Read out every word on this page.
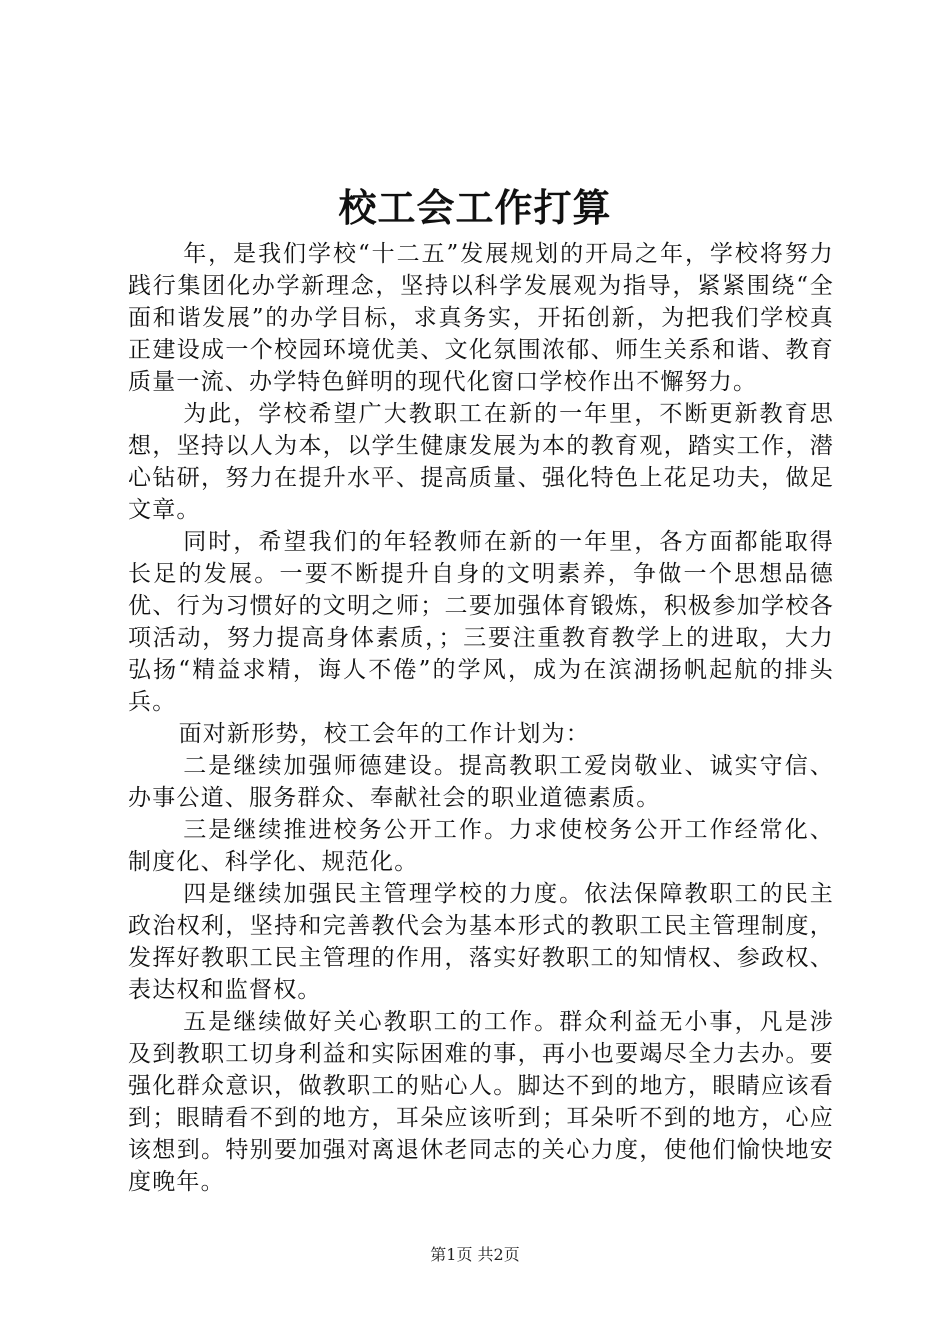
校工会工作打算

年，是我们学校“十二五”发展规划的开局之年，学校将努力践行集团化办学新理念，坚持以科学发展观为指导，紧紧围绕“全面和谐发展”的办学目标，求真务实，开拓创新，为把我们学校真正建设成一个校园环境优美、文化氛围浓郁、师生关系和谐、教育质量一流、办学特色鲜明的现代化窗口学校作出不懈努力。

为此，学校希望广大教职工在新的一年里，不断更新教育思想，坚持以人为本，以学生健康发展为本的教育观，踏实工作，潜心钻研，努力在提升水平、提高质量、强化特色上花足功夫，做足文章。

同时，希望我们的年轻教师在新的一年里，各方面都能取得长足的发展。一要不断提升自身的文明素养，争做一个思想品德优、行为习惯好的文明之师；二要加强体育锻炼，积极参加学校各项活动，努力提高身体素质，；三要注重教育教学上的进取，大力弘扬“精益求精，诲人不倦”的学风，成为在滨湖扬帆起航的排头兵。

面对新形势，校工会年的工作计划为：

二是继续加强师德建设。提高教职工爱岗敬业、诚实守信、办事公道、服务群众、奉献社会的职业道德素质。

三是继续推进校务公开工作。力求使校务公开工作经常化、制度化、科学化、规范化。

四是继续加强民主管理学校的力度。依法保障教职工的民主政治权利，坚持和完善教代会为基本形式的教职工民主管理制度，发挥好教职工民主管理的作用，落实好教职工的知情权、参政权、表达权和监督权。

五是继续做好关心教职工的工作。群众利益无小事，凡是涉及到教职工切身利益和实际困难的事，再小也要竭尽全力去办。要强化群众意识，做教职工的贴心人。脚达不到的地方，眼睛应该看到；眼睛看不到的地方，耳朵应该听到；耳朵听不到的地方，心应该想到。特别要加强对离退休老同志的关心力度，使他们愉快地安度晚年。

第1页 共2页
